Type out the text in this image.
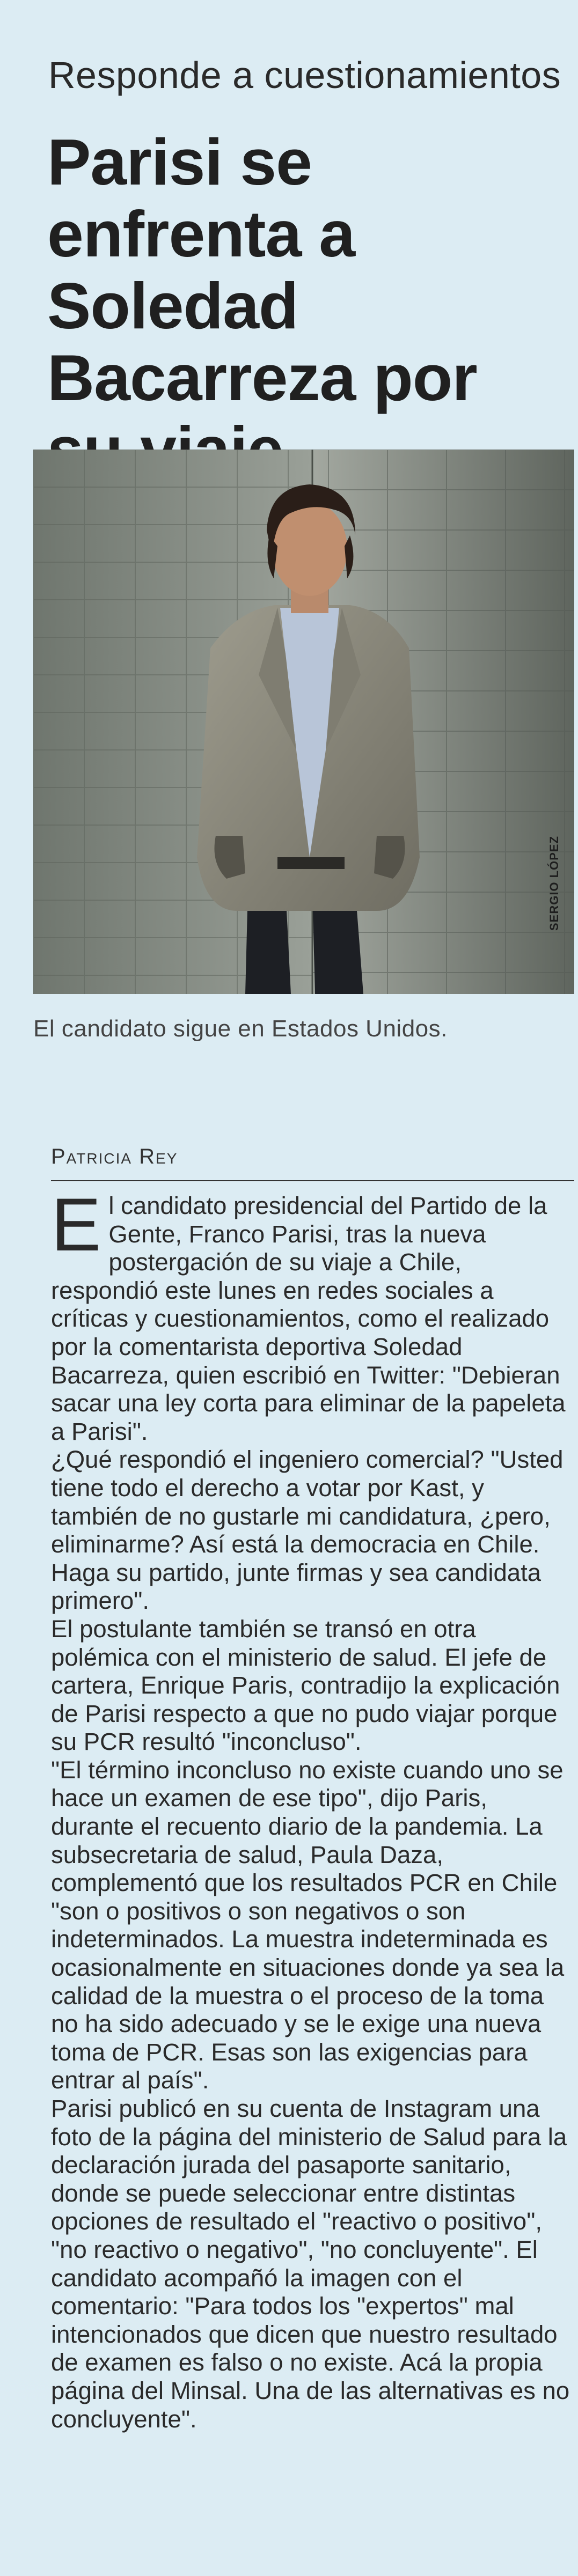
Responde a cuestionamientos
Parisi se enfrenta a Soledad Bacarreza por
SERGIO LÓPEZ
El candidato sigue en Estados Unidos.
Patricia Rey

El candidato presidencial del Partido de la Gente, Franco Parisi, tras la nueva postergación de su viaje a Chile, respondió este lunes en redes sociales a críticas y cuestionamientos, como el realizado por la comentarista deportiva Soledad Bacarreza, quien escribió en Twitter: "Debieran sacar una ley corta para eliminar de la papeleta a Parisi".

¿Qué respondió el ingeniero comercial? "Usted tiene todo el derecho a votar por Kast, y también de no gustarle mi candidatura, ¿pero, eliminarme? Así está la democracia en Chile. Haga su partido, junte firmas y sea candidata primero".

El postulante también se transó en otra polémica con el ministerio de salud. El jefe de cartera, Enrique Paris, contradijo la explicación de Parisi respecto a que no pudo viajar porque su PCR resultó "inconcluso".

"El término inconcluso no existe cuando uno se hace un examen de ese tipo", dijo Paris, durante el recuento diario de la pandemia. La subsecretaria de salud, Paula Daza, complementó que los resultados PCR en Chile "son o positivos o son negativos o son indeterminados. La muestra indeterminada es ocasionalmente en situaciones donde ya sea la calidad de la muestra o el proceso de la toma no ha sido adecuado y se le exige una nueva toma de PCR. Esas son las exigencias para entrar al país".

Parisi publicó en su cuenta de Instagram una foto de la página del ministerio de Salud para la declaración jurada del pasaporte sanitario, donde se puede seleccionar entre distintas opciones de resultado el "reactivo o positivo", "no reactivo o negativo", "no concluyente". El candidato acompañó la imagen con el comentario: "Para todos los "expertos" mal intencionados que dicen que nuestro resultado de examen es falso o no existe. Acá la propia página del Minsal. Una de las alternativas es no concluyente".
